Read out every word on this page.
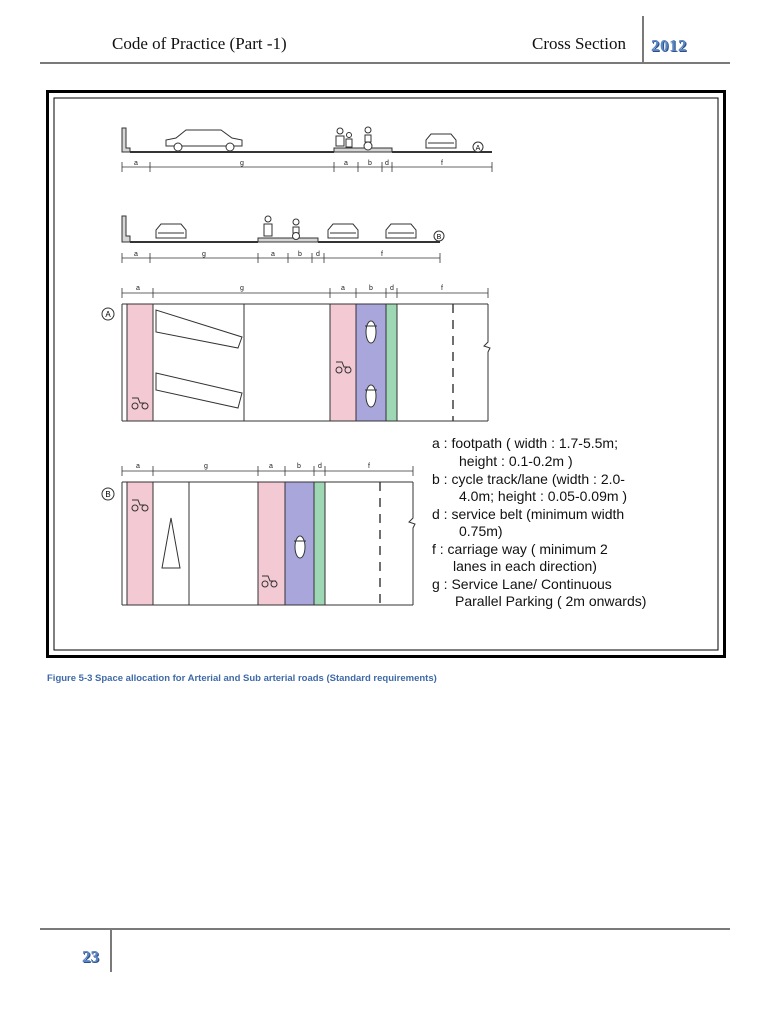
Code of Practice (Part -1)	Cross Section 2012
A
a	g	a	b d	f
B
a	g	a	b d	f
a	g	a	b d	f
A
a	g	a	b d	f
B
a : footpath ( width : 1.7-5.5m;
height : 0.1-0.2m )
b : cycle track/lane (width : 2.0-
4.0m; height : 0.05-0.09m )
d : service belt (minimum width
0.75m)
f : carriage way ( minimum 2
lanes in each direction)
g : Service Lane/ Continuous
Parallel Parking ( 2m onwards)
Figure 5-3 Space allocation for Arterial and Sub arterial roads (Standard requirements)
23
